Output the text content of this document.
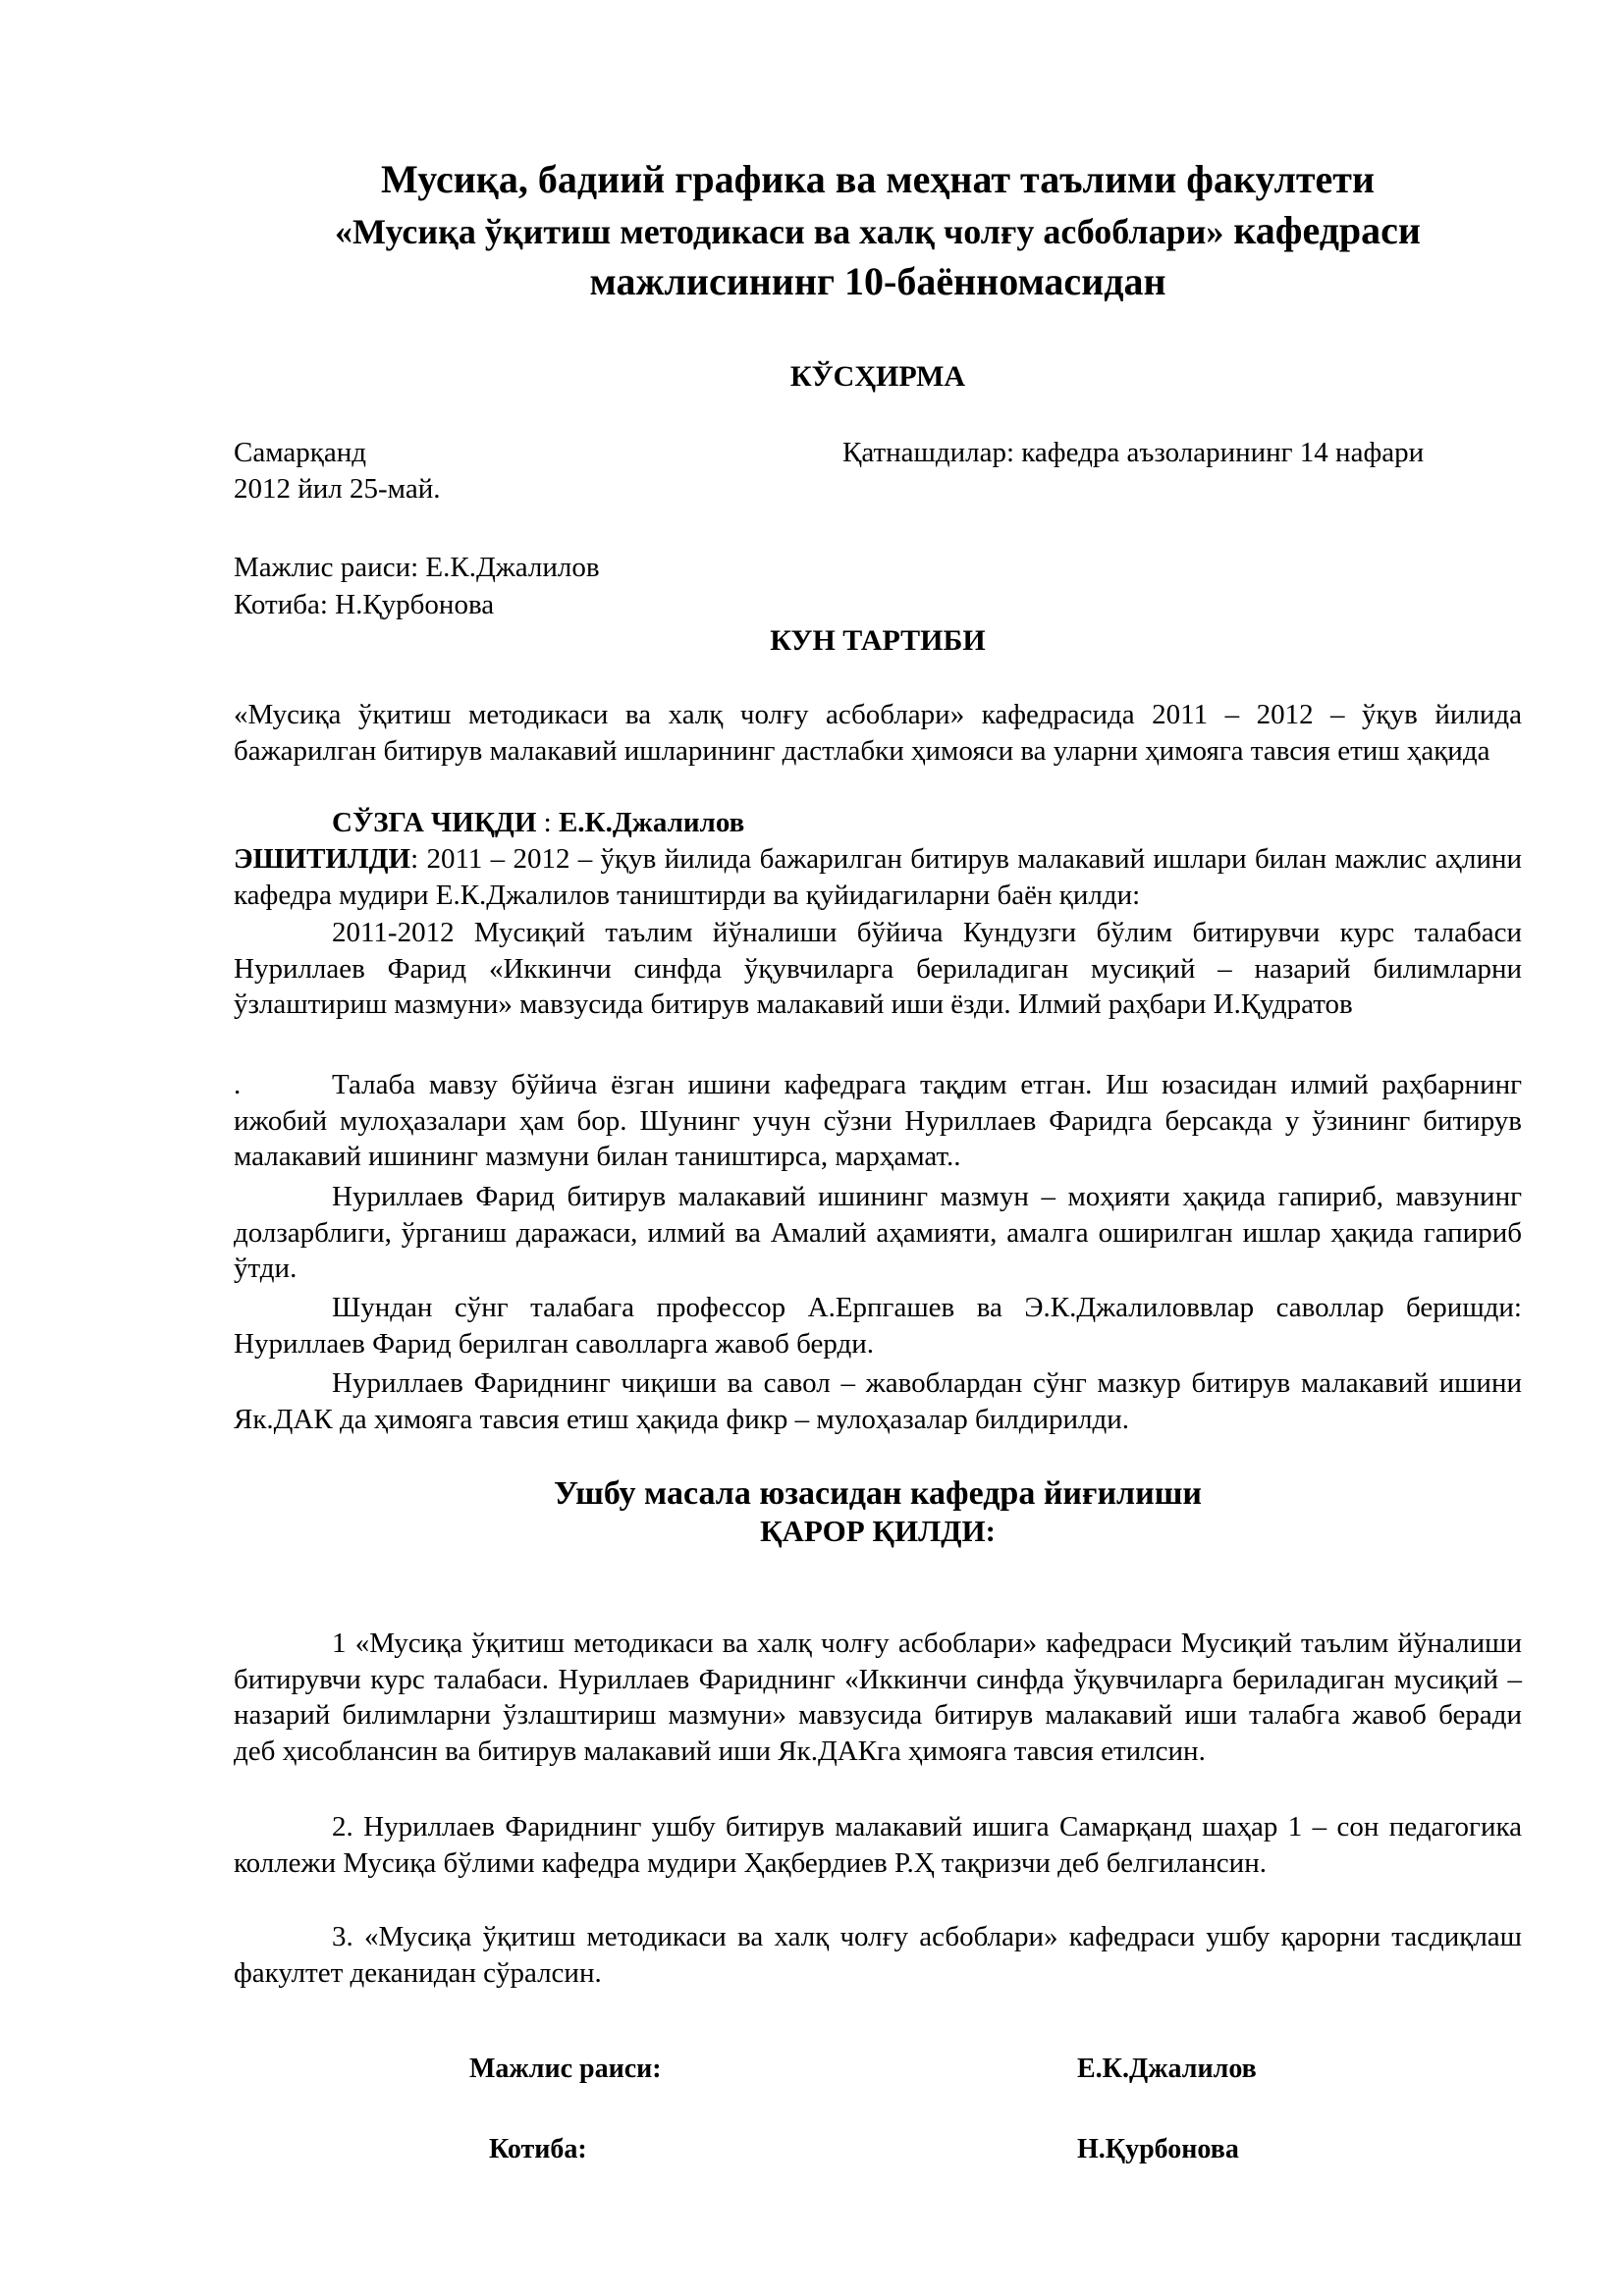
Мусиқа, бадиий графика ва меҳнат таълими факултети
«Мусиқа ўқитиш методикаси ва халқ чолғу асбоблари» кафедраси
мажлисининг 10-баённомасидан
КЎСҲИРМА
Самарқанд	Қатнашдилар: кафедра аъзоларининг 14 нафари
2012 йил 25-май.
Мажлис раиси: Е.К.Джалилов
Котиба: Н.Қурбонова
КУН ТАРТИБИ
«Мусиқа ўқитиш методикаси ва халқ чолғу асбоблари» кафедрасида 2011 – 2012 – ўқув йилида бажарилган битирув малакавий ишларининг дастлабки ҳимояси ва уларни ҳимояга тавсия етиш ҳақида
СЎЗГА ЧИҚДИ : Е.К.Джалилов
ЭШИТИЛДИ: 2011 – 2012 – ўқув йилида бажарилган битирув малакавий ишлари билан мажлис аҳлини кафедра мудири Е.К.Джалилов таништирди ва қуйидагиларни баён қилди:
2011-2012 Мусиқий таълим йўналиши бўйича Кундузги бўлим битирувчи курс талабаси Нуриллаев Фарид «Иккинчи синфда ўқувчиларга бериладиган мусиқий – назарий билимларни ўзлаштириш мазмуни» мавзусида битирув малакавий иши ёзди. Илмий раҳбари И.Қудратов
.	Талаба мавзу бўйича ёзган ишини кафедрага тақдим етган. Иш юзасидан илмий раҳбарнинг ижобий мулоҳазалари ҳам бор. Шунинг учун сўзни Нуриллаев Фаридга берсакда у ўзининг битирув малакавий ишининг мазмуни билан таништирса, марҳамат..
Нуриллаев Фарид битирув малакавий ишининг мазмун – моҳияти ҳақида гапириб, мавзунинг долзарблиги, ўрганиш даражаси, илмий ва Амалий аҳамияти, амалга оширилган ишлар ҳақида гапириб ўтди.
Шундан сўнг талабага профессор А.Ерпгашев ва Э.К.Джалиловвлар саволлар беришди: Нуриллаев Фарид берилган саволларга жавоб берди.
Нуриллаев Фариднинг чиқиши ва савол – жавоблардан сўнг мазкур битирув малакавий ишини Як.ДАК да ҳимояга тавсия етиш ҳақида фикр – мулоҳазалар билдирилди.
Ушбу масала юзасидан кафедра йиғилиши
ҚАРОР ҚИЛДИ:
1 «Мусиқа ўқитиш методикаси ва халқ чолғу асбоблари» кафедраси Мусиқий таълим йўналиши битирувчи курс талабаси. Нуриллаев Фариднинг «Иккинчи синфда ўқувчиларга бериладиган мусиқий – назарий билимларни ўзлаштириш мазмуни» мавзусида битирув малакавий иши талабга жавоб беради деб ҳисоблансин ва битирув малакавий иши Як.ДАКга ҳимояга тавсия етилсин.
2. Нуриллаев Фариднинг ушбу битирув малакавий ишига Самарқанд шаҳар 1 – сон педагогика коллежи Мусиқа бўлими кафедра мудири Ҳақбердиев Р.Ҳ тақризчи деб белгилансин.
3. «Мусиқа ўқитиш методикаси ва халқ чолғу асбоблари» кафедраси ушбу қарорни тасдиқлаш факултет деканидан сўралсин.
Мажлис раиси:	Е.К.Джалилов
Котиба:	Н.Қурбонова
